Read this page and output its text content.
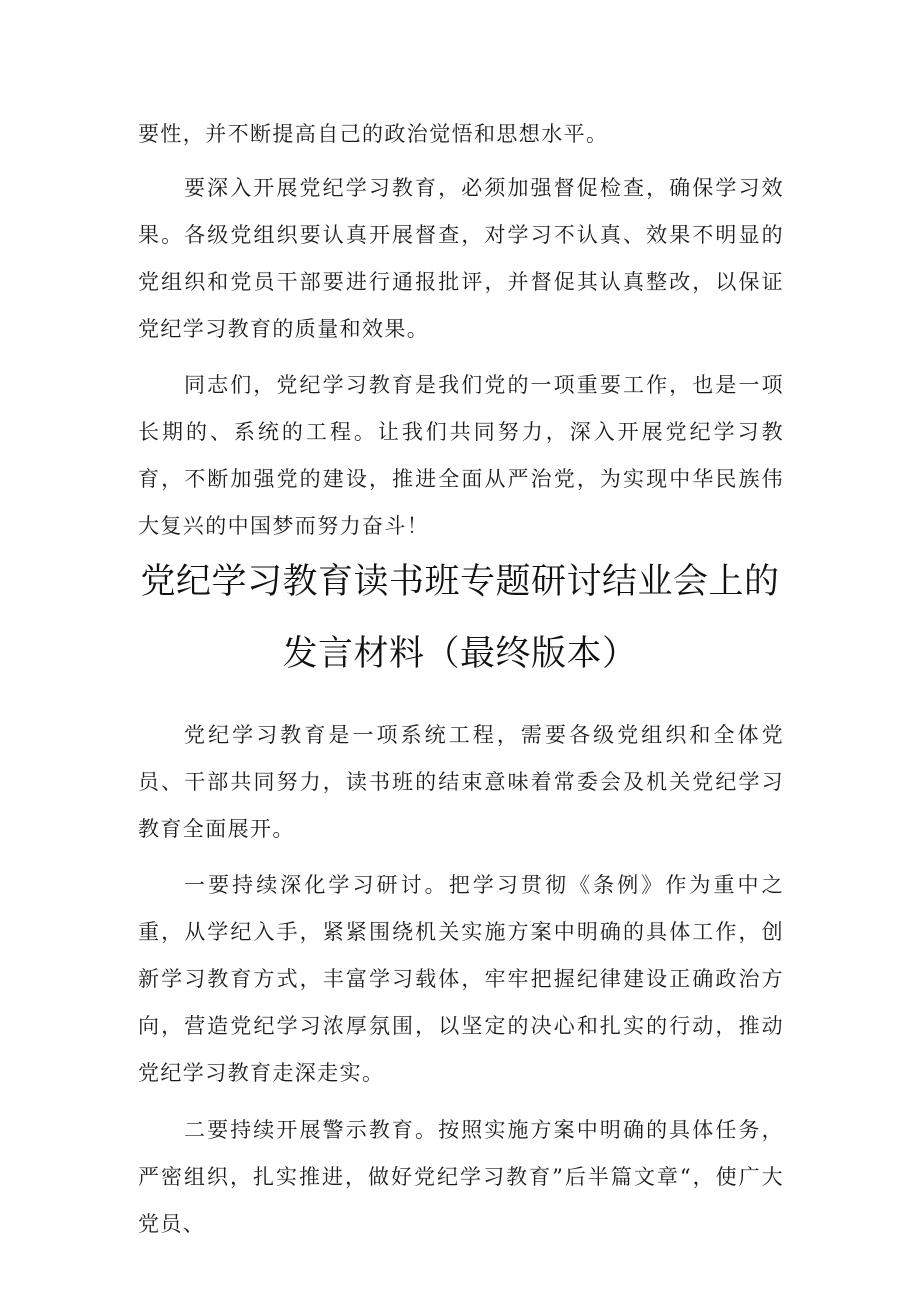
要性，并不断提高自己的政治觉悟和思想水平。

要深入开展党纪学习教育，必须加强督促检查，确保学习效果。各级党组织要认真开展督查，对学习不认真、效果不明显的党组织和党员干部要进行通报批评，并督促其认真整改，以保证党纪学习教育的质量和效果。

同志们，党纪学习教育是我们党的一项重要工作，也是一项长期的、系统的工程。让我们共同努力，深入开展党纪学习教育，不断加强党的建设，推进全面从严治党，为实现中华民族伟大复兴的中国梦而努力奋斗！

党纪学习教育读书班专题研讨结业会上的
发言材料（最终版本）

党纪学习教育是一项系统工程，需要各级党组织和全体党员、干部共同努力，读书班的结束意味着常委会及机关党纪学习教育全面展开。

一要持续深化学习研讨。把学习贯彻《条例》作为重中之重，从学纪入手，紧紧围绕机关实施方案中明确的具体工作，创新学习教育方式，丰富学习载体，牢牢把握纪律建设正确政治方向，营造党纪学习浓厚氛围，以坚定的决心和扎实的行动，推动党纪学习教育走深走实。

二要持续开展警示教育。按照实施方案中明确的具体任务，严密组织，扎实推进，做好党纪学习教育”后半篇文章“，使广大党员、
